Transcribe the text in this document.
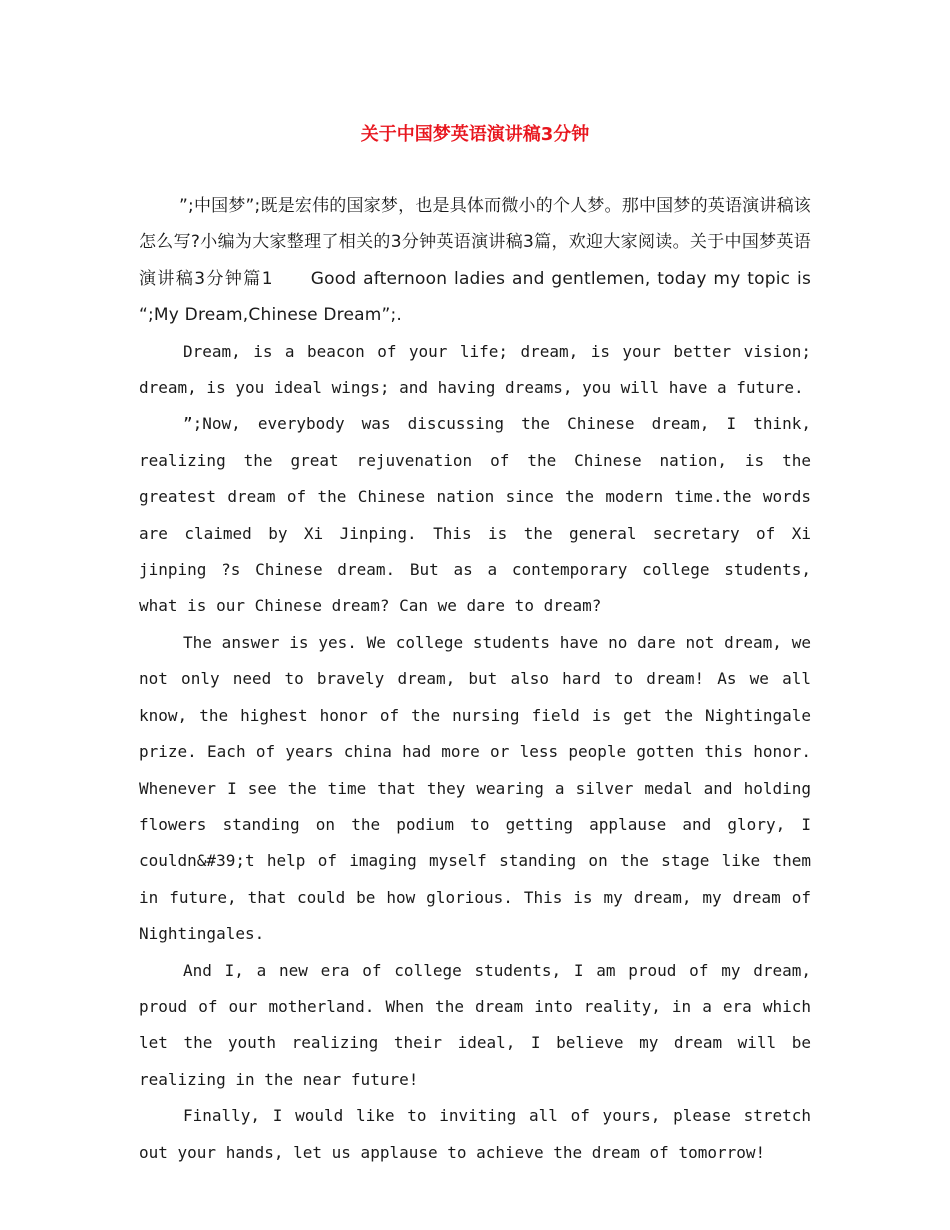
关于中国梦英语演讲稿3分钟

”;中国梦”;既是宏伟的国家梦，也是具体而微小的个人梦。那中国梦的英语演讲稿该怎么写?小编为大家整理了相关的3分钟英语演讲稿3篇，欢迎大家阅读。关于中国梦英语演讲稿3分钟篇1　　Good afternoon ladies and gentlemen, today my topic is “;My Dream,Chinese Dream”;.

Dream, is a beacon of your life; dream, is your better vision; dream, is you ideal wings; and having dreams, you will have a future.

”;Now, everybody was discussing the Chinese dream, I think, realizing the great rejuvenation of the Chinese nation, is the greatest dream of the Chinese nation since the modern time.the words are claimed by Xi Jinping. This is the general secretary of Xi jinping ?s Chinese dream. But as a contemporary college students, what is our Chinese dream? Can we dare to dream?

The answer is yes. We college students have no dare not dream, we not only need to bravely dream, but also hard to dream! As we all know, the highest honor of the nursing field is get the Nightingale prize. Each of years china had more or less people gotten this honor. Whenever I see the time that they wearing a silver medal and holding flowers standing on the podium to getting applause and glory, I couldn&#39;t help of imaging myself standing on the stage like them in future, that could be how glorious. This is my dream, my dream of Nightingales.

And I, a new era of college students, I am proud of my dream, proud of our motherland. When the dream into reality, in a era which let the youth realizing their ideal, I believe my dream will be realizing in the near future!

Finally, I would like to inviting all of yours, please stretch out your hands, let us applause to achieve the dream of tomorrow!
